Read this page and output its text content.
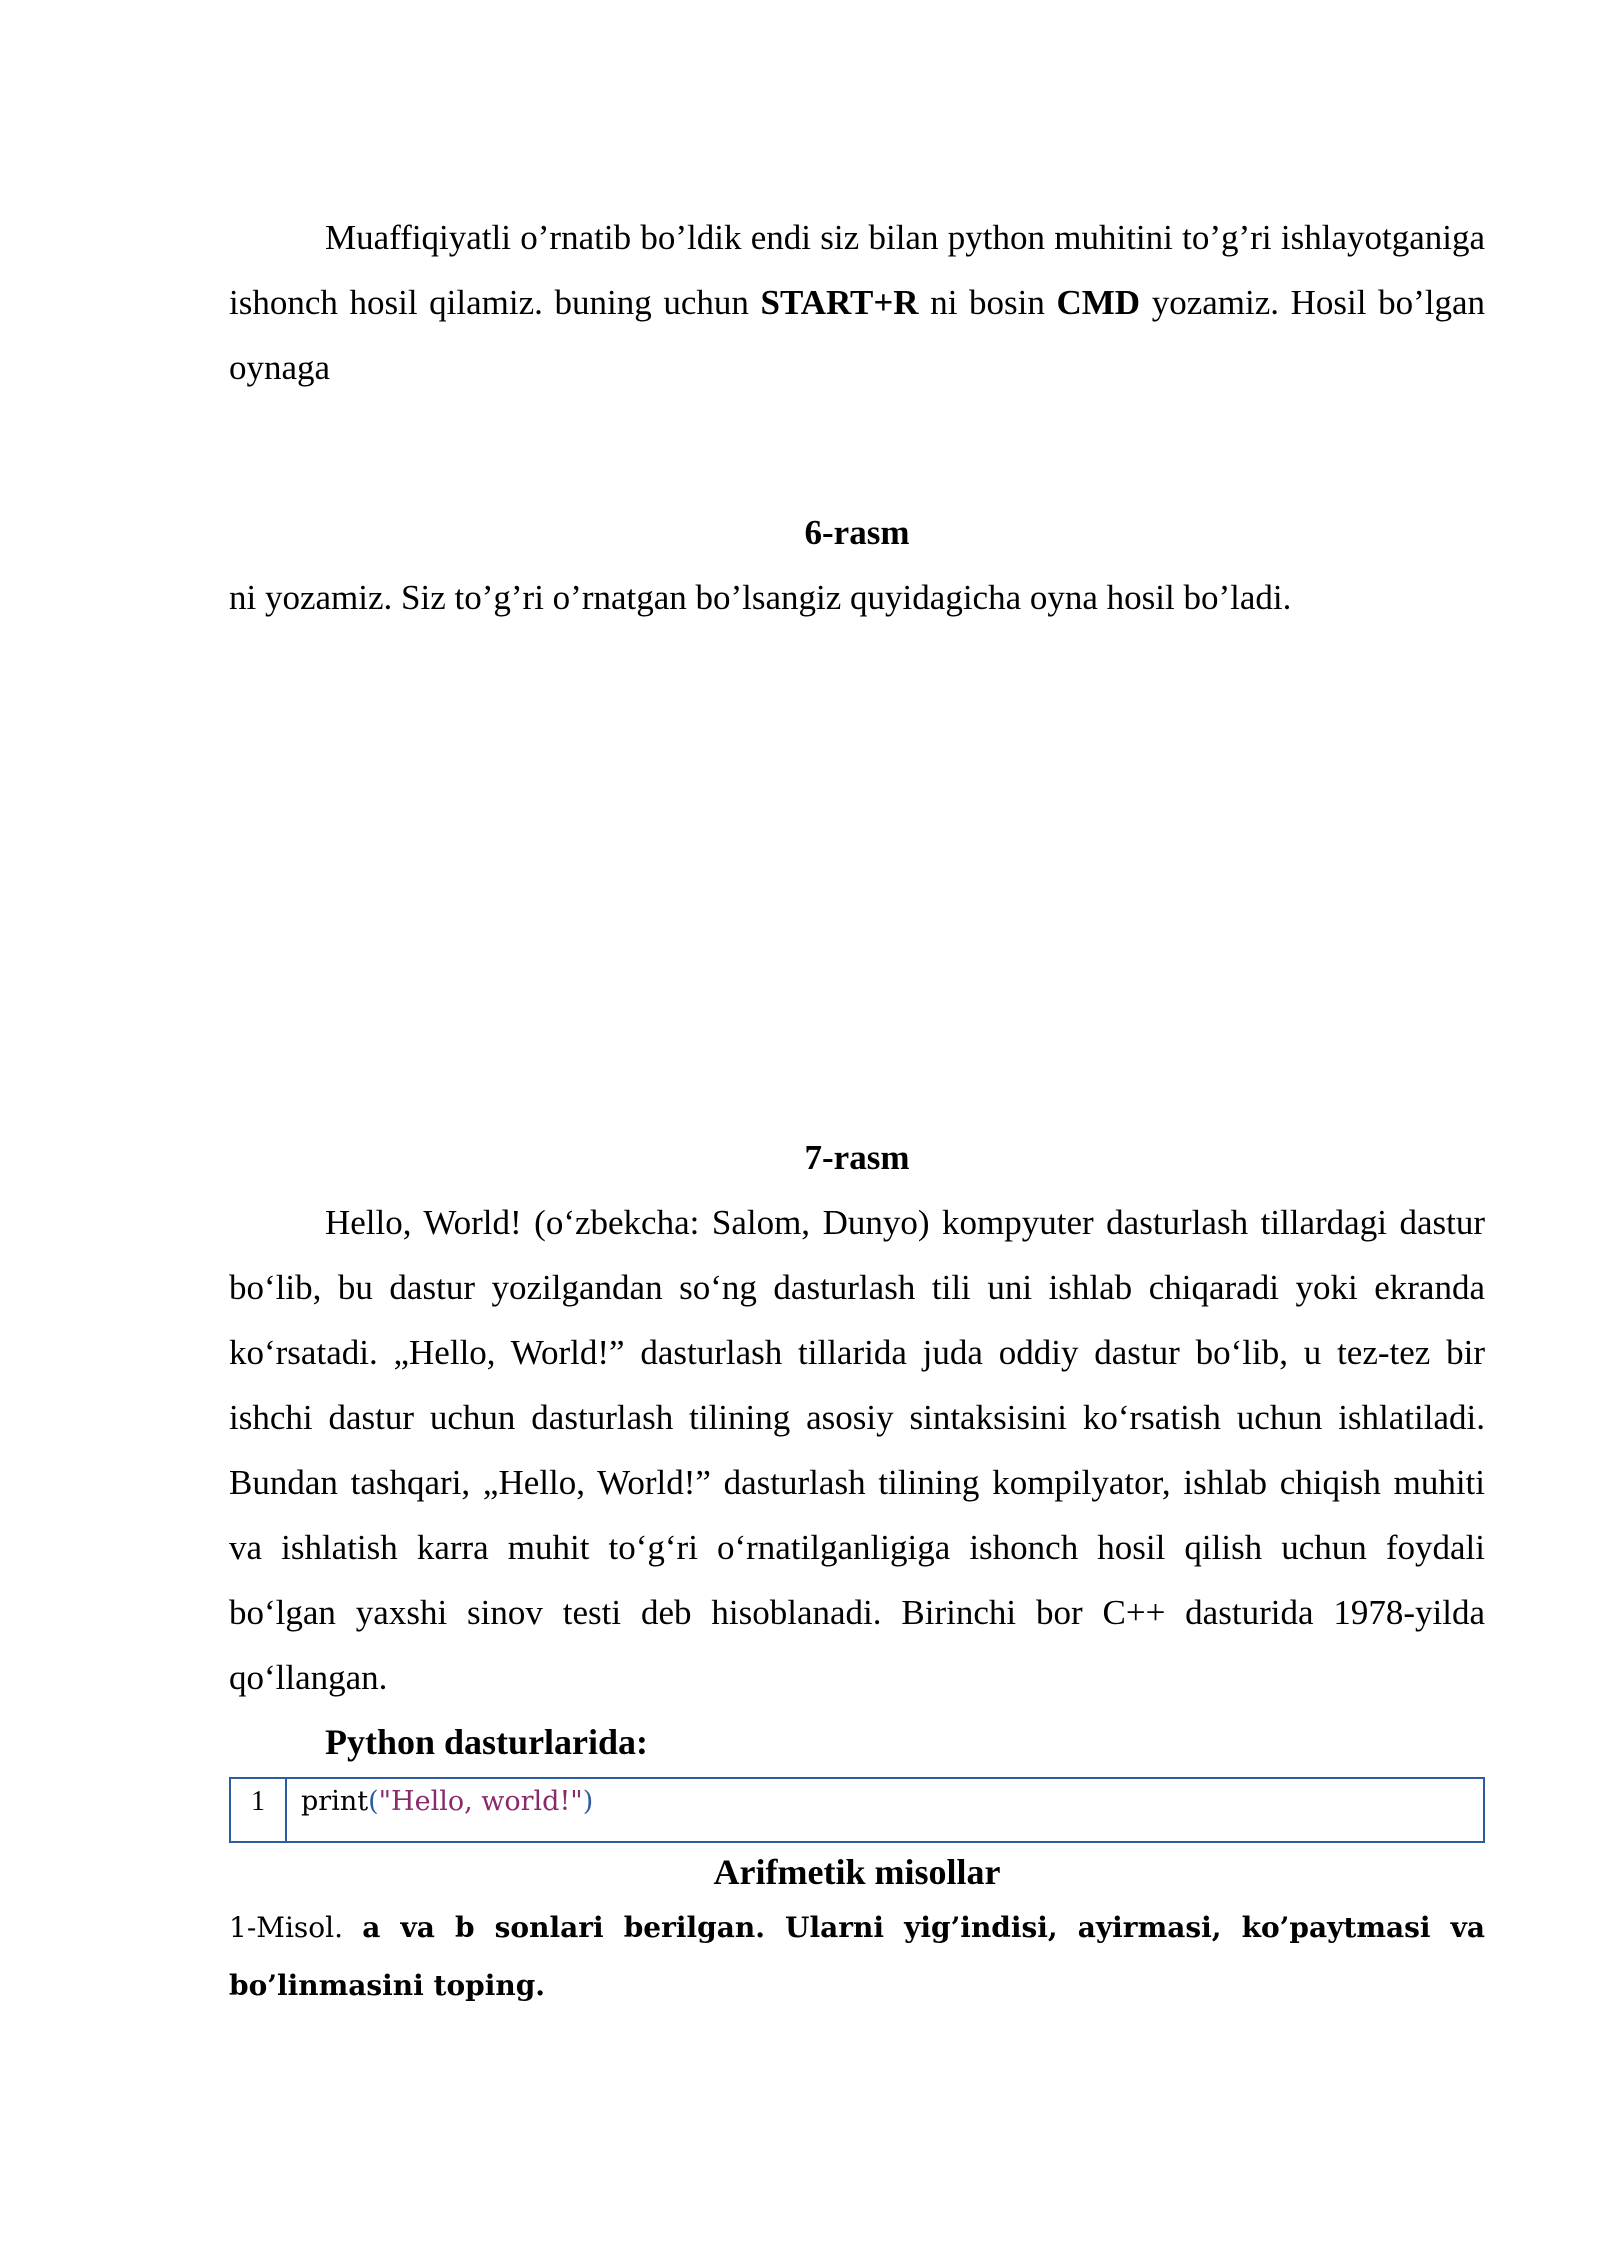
Muaffiqiyatli o’rnatib bo’ldik endi siz bilan python muhitini to’g’ri ishlayotganiga ishonch hosil qilamiz. buning uchun START+R ni bosin CMD yozamiz. Hosil bo’lgan oynaga

6-rasm

ni yozamiz. Siz to’g’ri o’rnatgan bo’lsangiz quyidagicha oyna hosil bo’ladi.

7-rasm

Hello, World! (o‘zbekcha: Salom, Dunyo) kompyuter dasturlash tillardagi dastur bo‘lib, bu dastur yozilgandan so‘ng dasturlash tili uni ishlab chiqaradi yoki ekranda ko‘rsatadi. „Hello, World!” dasturlash tillarida juda oddiy dastur bo‘lib, u tez-tez bir ishchi dastur uchun dasturlash tilining asosiy sintaksisini ko‘rsatish uchun ishlatiladi. Bundan tashqari, „Hello, World!” dasturlash tilining kompilyator, ishlab chiqish muhiti va ishlatish karra muhit to‘g‘ri o‘rnatilganligiga ishonch hosil qilish uchun foydali bo‘lgan yaxshi sinov testi deb hisoblanadi. Birinchi bor C++ dasturida 1978-yilda qo‘llangan.

Python dasturlarida:
1	print("Hello, world!")
Arifmetik misollar

1-Misol. a va b sonlari berilgan. Ularni yig’indisi, ayirmasi, ko’paytmasi va bo’linmasini toping.
